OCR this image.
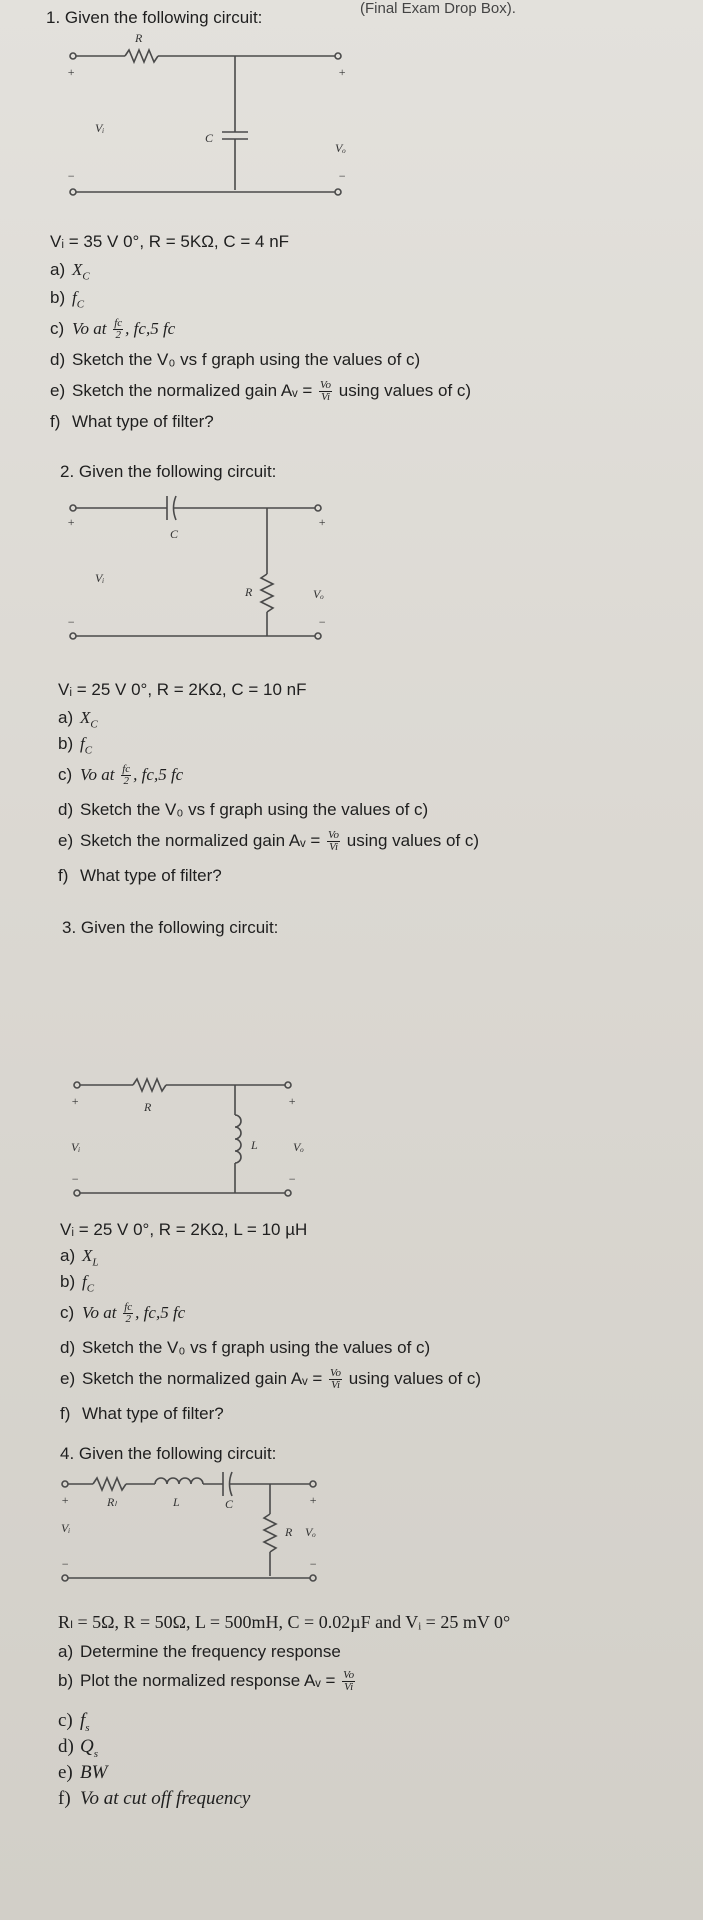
(Final Exam Drop Box).
1. Given the following circuit:
R
+	+
C
Vᵢ
Vₒ
−	−
Vᵢ = 35 V 0°, R = 5KΩ, C = 4 nF
a) $X_C$
b) $f_C$
c) Vo at $\frac{fc}{2}$ , fc,5 fc
d) Sketch the V₀ vs f graph using the values of c)
e) Sketch the normalized gain Aᵥ = $\frac{Vo}{Vi}$ using values of c)
f) What type of filter?
2. Given the following circuit:
C
+	+
R
Vᵢ
Vₒ
−	−
Vᵢ = 25 V 0°, R = 2KΩ, C = 10 nF
a) $X_C$
b) $f_C$
c) Vo at $\frac{fc}{2}$ , fc,5 fc
d) Sketch the V₀ vs f graph using the values of c)
e) Sketch the normalized gain Aᵥ = $\frac{Vo}{Vi}$ using values of c)
f) What type of filter?
3. Given the following circuit:
R
+	+
L
Vᵢ	Vₒ
−	−
Vᵢ = 25 V 0°, R = 2KΩ, L = 10 µH
a) $X_L$
b) $f_C$
c) Vo at $\frac{fc}{2}$ , fc,5 fc
d) Sketch the V₀ vs f graph using the values of c)
e) Sketch the normalized gain Aᵥ = $\frac{Vo}{Vi}$ using values of c)
f) What type of filter?
4. Given the following circuit:
Rₗ	L	C
+	+
R
Vᵢ	Vₒ
−	−
Rₗ = 5Ω, R = 50Ω, L = 500mH, C = 0.02µF and Vᵢ = 25 mV 0°
a) Determine the frequency response
b) Plot the normalized response Aᵥ = $\frac{Vo}{Vi}$
c) $f_s$
d) $Q_s$
e) BW
f) Vo at cut off frequency
